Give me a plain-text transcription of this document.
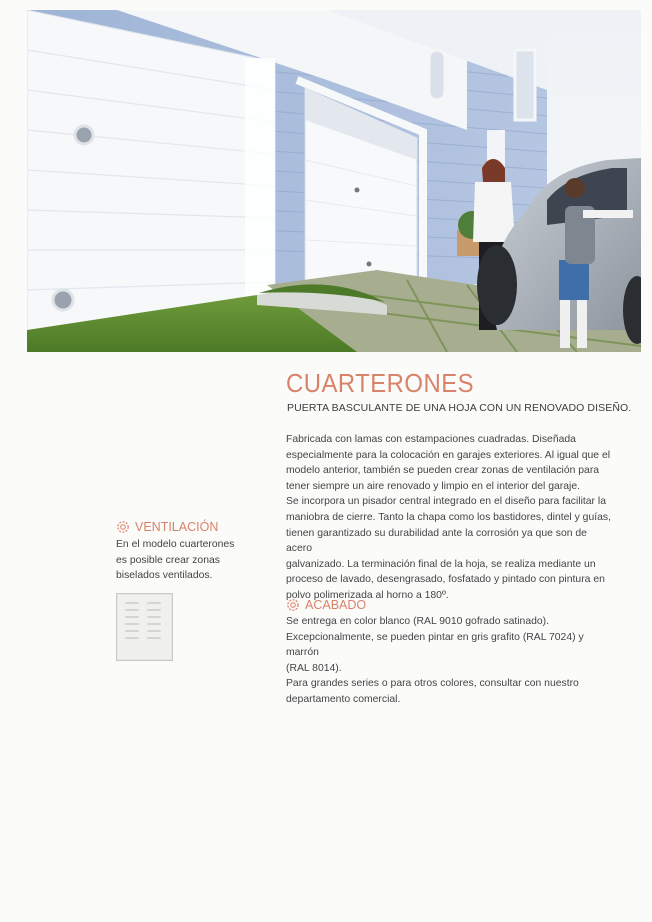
CUARTERONES
PUERTA BASCULANTE DE UNA HOJA CON UN RENOVADO DISEÑO.

Fabricada con lamas con estampaciones cuadradas. Diseñada

especialmente para la colocación en garajes exteriores. Al igual que el

modelo anterior, también se pueden crear zonas de ventilación para

tener siempre un aire renovado y limpio en el interior del garaje.

Se incorpora un pisador central integrado en el diseño para facilitar la

maniobra de cierre. Tanto la chapa como los bastidores, dintel y guías,

tienen garantizado su durabilidad ante la corrosión ya que son de acero

galvanizado. La terminación final de la hoja, se realiza mediante un

proceso de lavado, desengrasado, fosfatado y pintado con pintura en

polvo polimerizada al horno a 180º.

VENTILACIÓN

En el modelo cuarterones

es posible crear zonas

biselados ventilados.

ACABADO

Se entrega en color blanco (RAL 9010 gofrado satinado).

Excepcionalmente, se pueden pintar en gris grafito (RAL 7024) y marrón

(RAL 8014).

Para grandes series o para otros colores, consultar con nuestro

departamento comercial.
